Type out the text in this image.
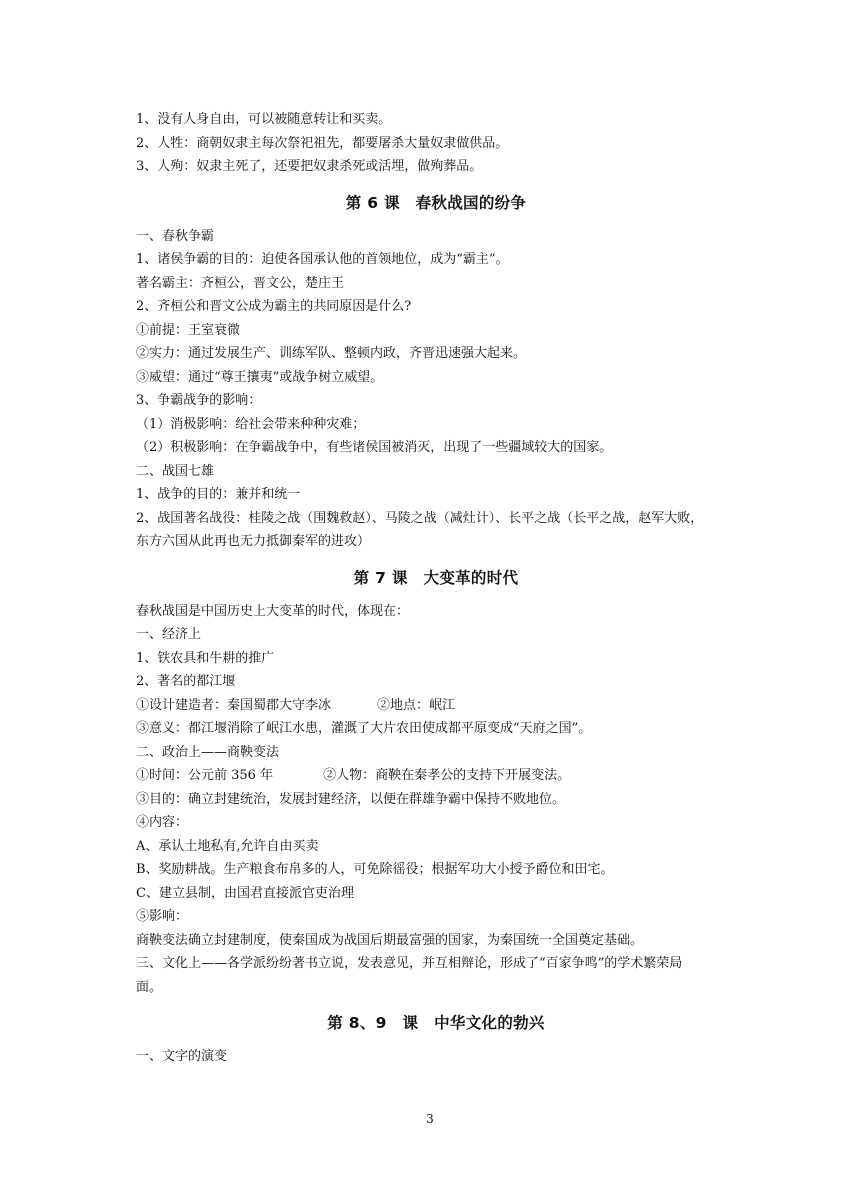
1、没有人身自由，可以被随意转让和买卖。
2、人牲：商朝奴隶主每次祭祀祖先，都要屠杀大量奴隶做供品。
3、人殉：奴隶主死了，还要把奴隶杀死或活埋，做殉葬品。
第 6 课　春秋战国的纷争
一、春秋争霸
1、诸侯争霸的目的：迫使各国承认他的首领地位，成为“霸主”。
著名霸主：齐桓公，晋文公，楚庄王
2、齐桓公和晋文公成为霸主的共同原因是什么?
①前提：王室衰微
②实力：通过发展生产、训练军队、整顿内政，齐晋迅速强大起来。
③威望：通过“尊王攘夷”或战争树立威望。
3、争霸战争的影响：
（1）消极影响：给社会带来种种灾难；
（2）积极影响：在争霸战争中，有些诸侯国被消灭，出现了一些疆域较大的国家。
二、战国七雄
1、战争的目的：兼并和统一
2、战国著名战役：桂陵之战（围魏救赵）、马陵之战（减灶计）、长平之战（长平之战，赵军大败，
东方六国从此再也无力抵御秦军的进攻）
第 7 课　大变革的时代
春秋战国是中国历史上大变革的时代，体现在：
一、经济上
1、铁农具和牛耕的推广
2、著名的都江堰
①设计建造者：秦国蜀郡大守李冰	②地点：岷江
③意义：都江堰消除了岷江水患，灌溉了大片农田使成都平原变成“天府之国”。
二、政治上——商鞅变法
①时间：公元前 356 年	②人物：商鞅在秦孝公的支持下开展变法。
③目的：确立封建统治，发展封建经济，以便在群雄争霸中保持不败地位。
④内容：
A、承认土地私有,允许自由买卖
B、奖励耕战。生产粮食布帛多的人，可免除徭役；根据军功大小授予爵位和田宅。
C、建立县制，由国君直接派官吏治理
⑤影响：
商鞅变法确立封建制度，使秦国成为战国后期最富强的国家，为秦国统一全国奠定基础。
三、文化上——各学派纷纷著书立说，发表意见，并互相辩论，形成了“百家争鸣”的学术繁荣局
面。
第 8、9　课　中华文化的勃兴
一、文字的演变
3
